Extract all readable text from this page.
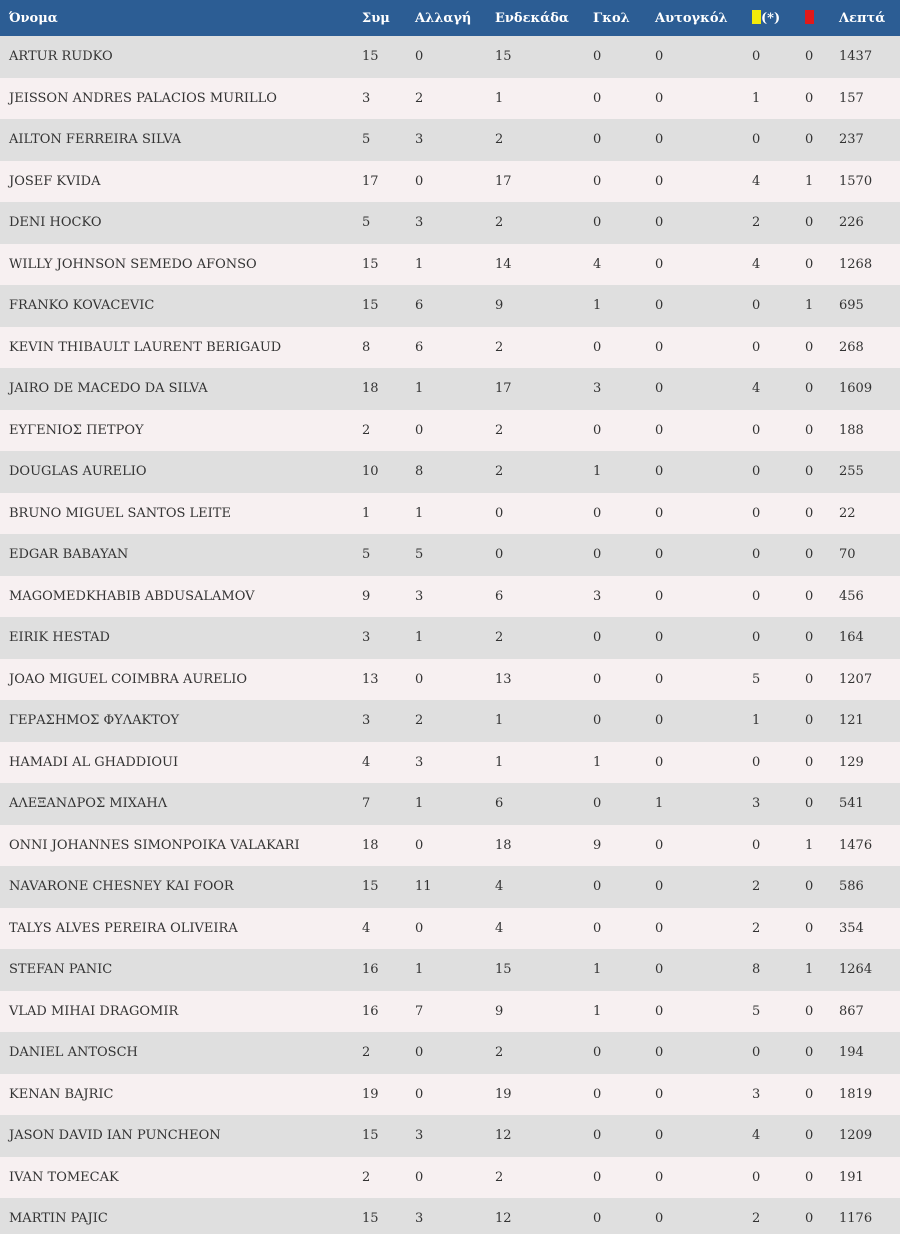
Όνομα	Συμ	Αλλαγή	Ενδεκάδα	Γκολ	Αυτογκόλ	(*)		Λεπτά
ARTUR RUDKO	15	0	15	0	0	0	0	1437
JEISSON ANDRES PALACIOS MURILLO	3	2	1	0	0	1	0	157
AILTON FERREIRA SILVA	5	3	2	0	0	0	0	237
JOSEF KVIDA	17	0	17	0	0	4	1	1570
DENI HOCKO	5	3	2	0	0	2	0	226
WILLY JOHNSON SEMEDO AFONSO	15	1	14	4	0	4	0	1268
FRANKO KOVACEVIC	15	6	9	1	0	0	1	695
KEVIN THIBAULT LAURENT BERIGAUD	8	6	2	0	0	0	0	268
JAIRO DE MACEDO DA SILVA	18	1	17	3	0	4	0	1609
ΕΥΓΕΝΙΟΣ ΠΕΤΡΟΥ	2	0	2	0	0	0	0	188
DOUGLAS AURELIO	10	8	2	1	0	0	0	255
BRUNO MIGUEL SANTOS LEITE	1	1	0	0	0	0	0	22
EDGAR BABAYAN	5	5	0	0	0	0	0	70
MAGOMEDKHABIB ABDUSALAMOV	9	3	6	3	0	0	0	456
EIRIK HESTAD	3	1	2	0	0	0	0	164
JOAO MIGUEL COIMBRA AURELIO	13	0	13	0	0	5	0	1207
ΓΕΡΑΣΗΜΟΣ ΦΥΛΑΚΤΟΥ	3	2	1	0	0	1	0	121
HAMADI AL GHADDIOUI	4	3	1	1	0	0	0	129
ΑΛΕΞΑΝΔΡΟΣ ΜΙΧΑΗΛ	7	1	6	0	1	3	0	541
ONNI JOHANNES SIMONPOIKA VALAKARI	18	0	18	9	0	0	1	1476
NAVARONE CHESNEY KAI FOOR	15	11	4	0	0	2	0	586
TALYS ALVES PEREIRA OLIVEIRA	4	0	4	0	0	2	0	354
STEFAN PANIC	16	1	15	1	0	8	1	1264
VLAD MIHAI DRAGOMIR	16	7	9	1	0	5	0	867
DANIEL ANTOSCH	2	0	2	0	0	0	0	194
KENAN BAJRIC	19	0	19	0	0	3	0	1819
JASON DAVID IAN PUNCHEON	15	3	12	0	0	4	0	1209
IVAN TOMECAK	2	0	2	0	0	0	0	191
MARTIN PAJIC	15	3	12	0	0	2	0	1176
